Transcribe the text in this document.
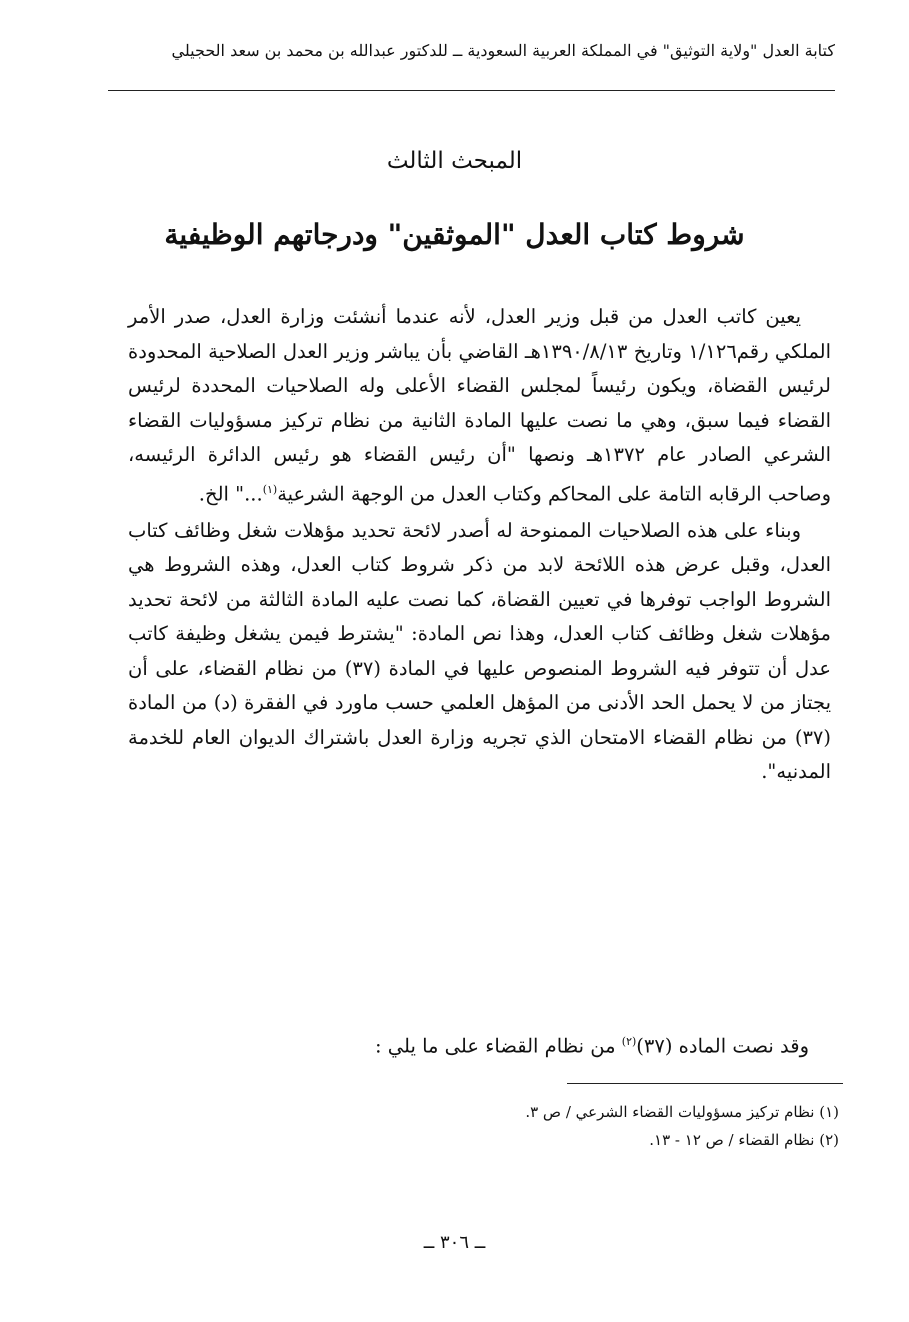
كتابة العدل "ولاية التوثيق" في المملكة العربية السعودية ــ للدكتور عبدالله بن محمد بن سعد الحجيلي
المبحث الثالث
شروط كتاب العدل "الموثقين" ودرجاتهم الوظيفية

يعين كاتب العدل من قبل وزير العدل، لأنه عندما أنشئت وزارة العدل، صدر الأمر الملكي رقم١/١٢٦ وتاريخ ١٣٩٠/٨/١٣هـ القاضي بأن يباشر وزير العدل الصلاحية المحدودة لرئيس القضاة، ويكون رئيساً لمجلس القضاء الأعلى وله الصلاحيات المحددة لرئيس القضاء فيما سبق، وهي ما نصت عليها المادة الثانية من نظام تركيز مسؤوليات القضاء الشرعي الصادر عام ١٣٧٢هـ ونصها "أن رئيس القضاء هو رئيس الدائرة الرئيسه، وصاحب الرقابه التامة على المحاكم وكتاب العدل من الوجهة الشرعية$^{(١)}$..." الخ.

وبناء على هذه الصلاحيات الممنوحة له أصدر لائحة تحديد مؤهلات شغل وظائف كتاب العدل، وقبل عرض هذه اللائحة لابد من ذكر شروط كتاب العدل، وهذه الشروط هي الشروط الواجب توفرها في تعيين القضاة، كما نصت عليه المادة الثالثة من لائحة تحديد مؤهلات شغل وظائف كتاب العدل، وهذا نص المادة: "يشترط فيمن يشغل وظيفة كاتب عدل أن تتوفر فيه الشروط المنصوص عليها في المادة (٣٧) من نظام القضاء، على أن يجتاز من لا يحمل الحد الأدنى من المؤهل العلمي حسب ماورد في الفقرة (د) من المادة (٣٧) من نظام القضاء الامتحان الذي تجريه وزارة العدل باشتراك الديوان العام للخدمة المدنيه".

وقد نصت الماده (٣٧)$^{(٢)}$ من نظام القضاء على ما يلي :
(١) نظام تركيز مسؤوليات القضاء الشرعي / ص ٣.
(٢) نظام القضاء / ص ١٢ - ١٣.
ــ ٣٠٦ ــ
